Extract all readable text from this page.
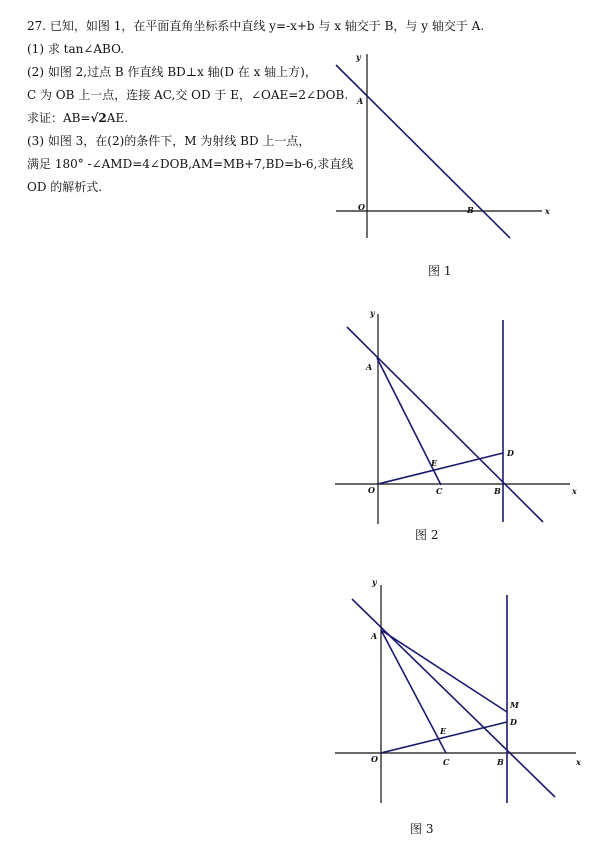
27. 已知，如图 1，在平面直角坐标系中直线 y=-x+b 与 x 轴交于 B，与 y 轴交于 A.

(1) 求 tan∠ABO.

(2) 如图 2,过点 B 作直线 BD⊥x 轴(D 在 x 轴上方)，

C 为 OB 上一点，连接 AC,交 OD 于 E，∠OAE=2∠DOB.

求证：AB=√2AE.

(3) 如图 3，在(2)的条件下，M 为射线 BD 上一点，

满足 180° -∠AMD=4∠DOB,AM=MB+7,BD=b-6,求直线

OD 的解析式.

y
x
O
A
B
图 1
y
x
O
A
B
C
D
E
图 2
y
x
O
A
B
C
D
M
E
图 3
